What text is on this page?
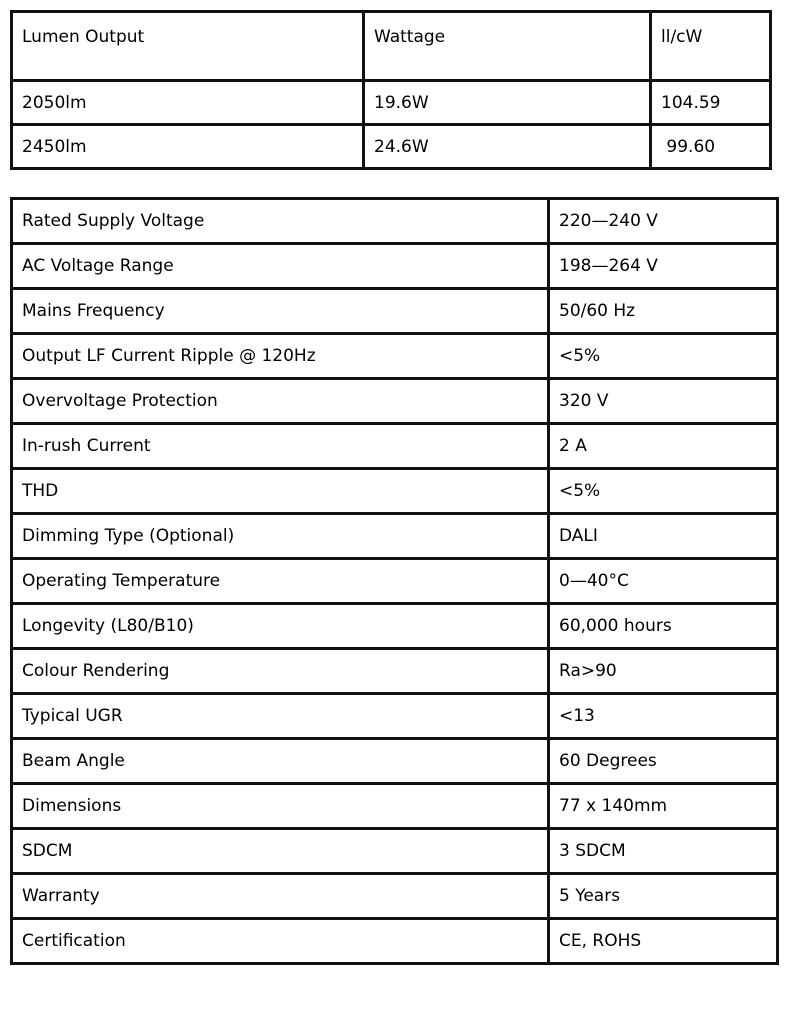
Lumen Output	Wattage	ll/cW
2050lm	19.6W	104.59
2450lm	24.6W	99.60
Rated Supply Voltage	220—240 V
AC Voltage Range	198—264 V
Mains Frequency	50/60 Hz
Output LF Current Ripple @ 120Hz	<5%
Overvoltage Protection	320 V
In-rush Current	2 A
THD	<5%
Dimming Type (Optional)	DALI
Operating Temperature	0—40°C
Longevity (L80/B10)	60,000 hours
Colour Rendering	Ra>90
Typical UGR	<13
Beam Angle	60 Degrees
Dimensions	77 x 140mm
SDCM	3 SDCM
Warranty	5 Years
Certification	CE, ROHS
